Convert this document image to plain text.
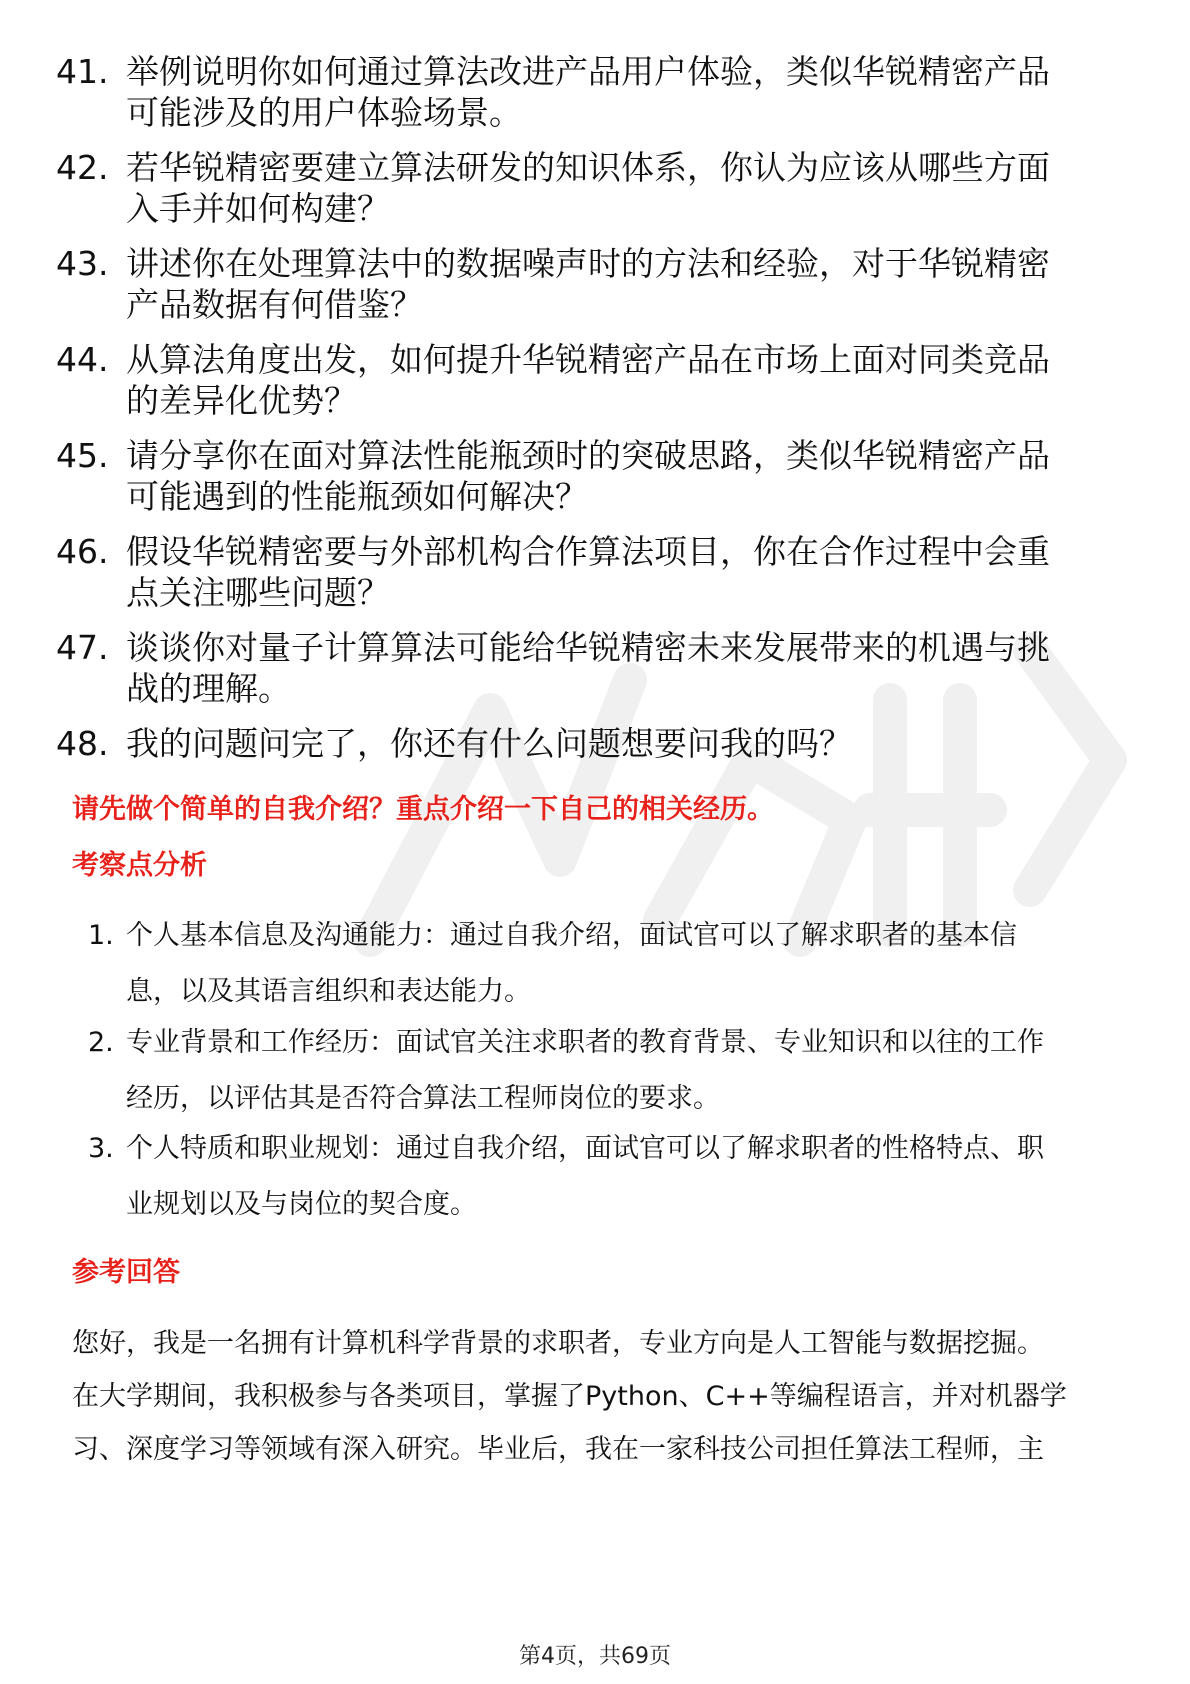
41. 举例说明你如何通过算法改进产品用户体验，类似华锐精密产品
可能涉及的用户体验场景。
42. 若华锐精密要建立算法研发的知识体系，你认为应该从哪些方面
入手并如何构建？
43. 讲述你在处理算法中的数据噪声时的方法和经验，对于华锐精密
产品数据有何借鉴？
44. 从算法角度出发，如何提升华锐精密产品在市场上面对同类竞品
的差异化优势？
45. 请分享你在面对算法性能瓶颈时的突破思路，类似华锐精密产品
可能遇到的性能瓶颈如何解决？
46. 假设华锐精密要与外部机构合作算法项目，你在合作过程中会重
点关注哪些问题？
47. 谈谈你对量子计算算法可能给华锐精密未来发展带来的机遇与挑
战的理解。
48. 我的问题问完了，你还有什么问题想要问我的吗？
请先做个简单的自我介绍？重点介绍一下自己的相关经历。
考察点分析
1. 个人基本信息及沟通能力：通过自我介绍，面试官可以了解求职者的基本信
息，以及其语言组织和表达能力。
2. 专业背景和工作经历：面试官关注求职者的教育背景、专业知识和以往的工作
经历，以评估其是否符合算法工程师岗位的要求。
3. 个人特质和职业规划：通过自我介绍，面试官可以了解求职者的性格特点、职
业规划以及与岗位的契合度。
参考回答
您好，我是一名拥有计算机科学背景的求职者，专业方向是人工智能与数据挖掘。
在大学期间，我积极参与各类项目，掌握了Python、C++等编程语言，并对机器学
习、深度学习等领域有深入研究。毕业后，我在一家科技公司担任算法工程师，主
第4页，共69页
